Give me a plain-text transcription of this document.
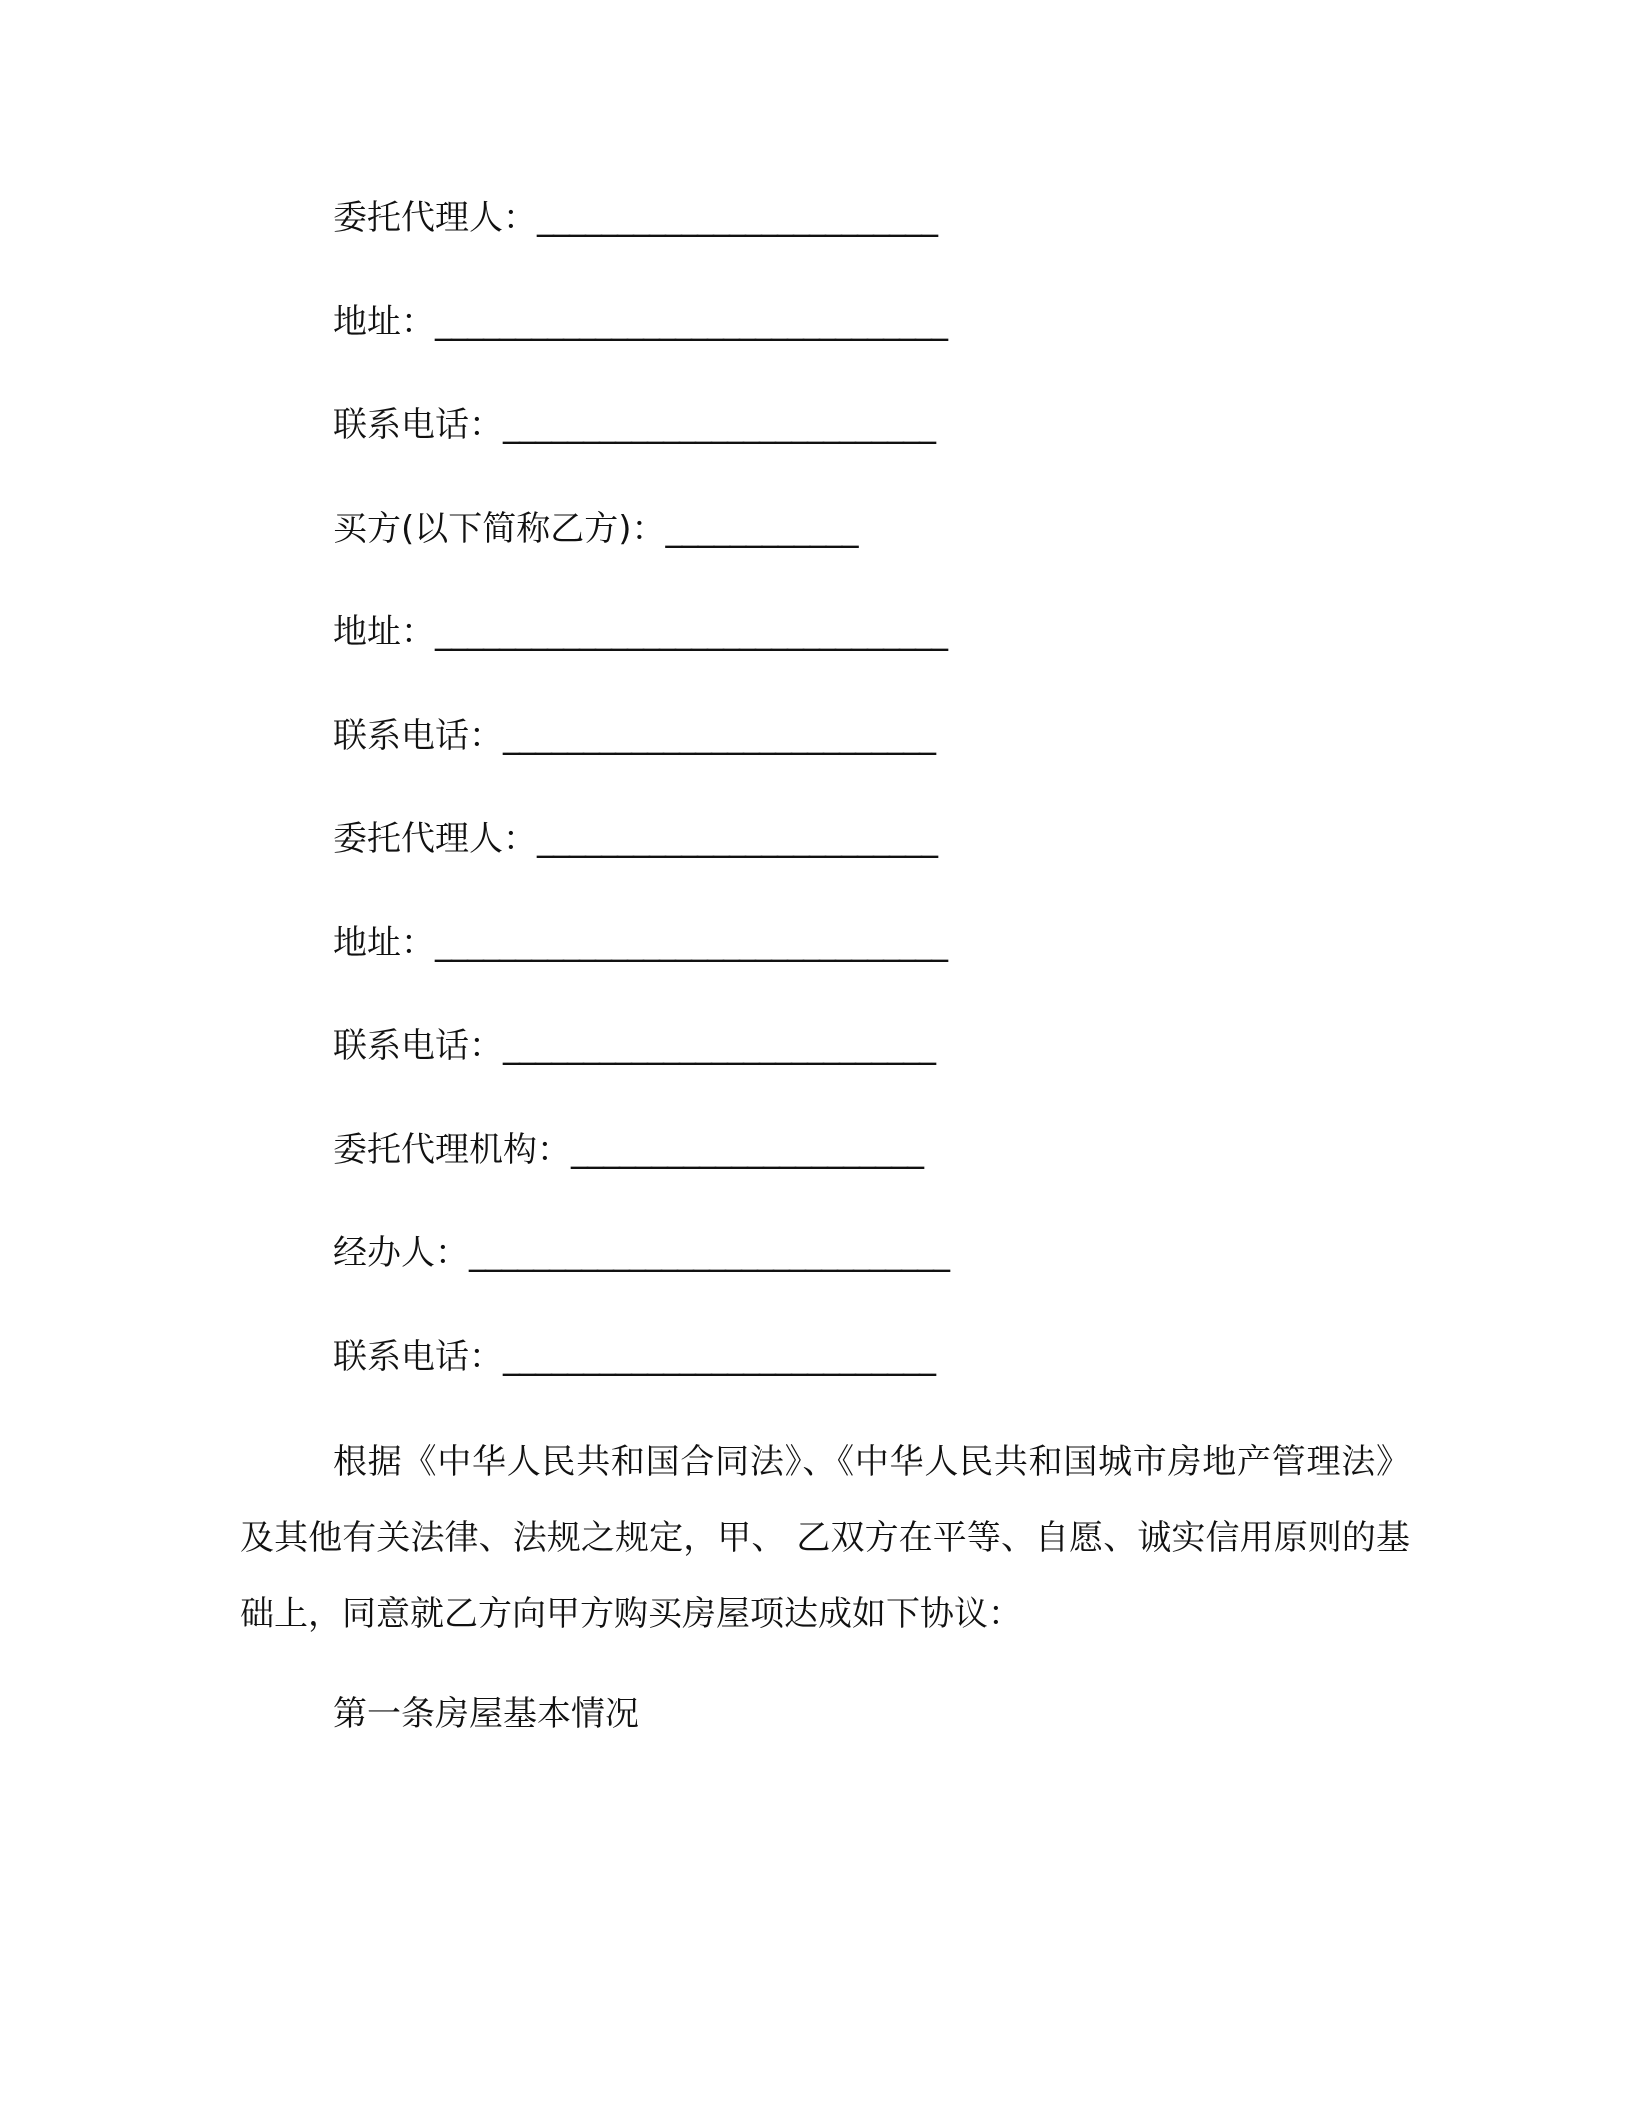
委托代理人：_________________________
地址：________________________________
联系电话：___________________________
买方(以下简称乙方)：____________
地址：________________________________
联系电话：___________________________
委托代理人：_________________________
地址：________________________________
联系电话：___________________________
委托代理机构：______________________
经办人：______________________________
联系电话：___________________________

根据《中华人民共和国合同法》、《中华人民共和国城市房地产管理法》及其他有关法律、法规之规定，甲、 乙双方在平等、自愿、诚实信用原则的基础上，同意就乙方向甲方购买房屋项达成如下协议：

第一条房屋基本情况
